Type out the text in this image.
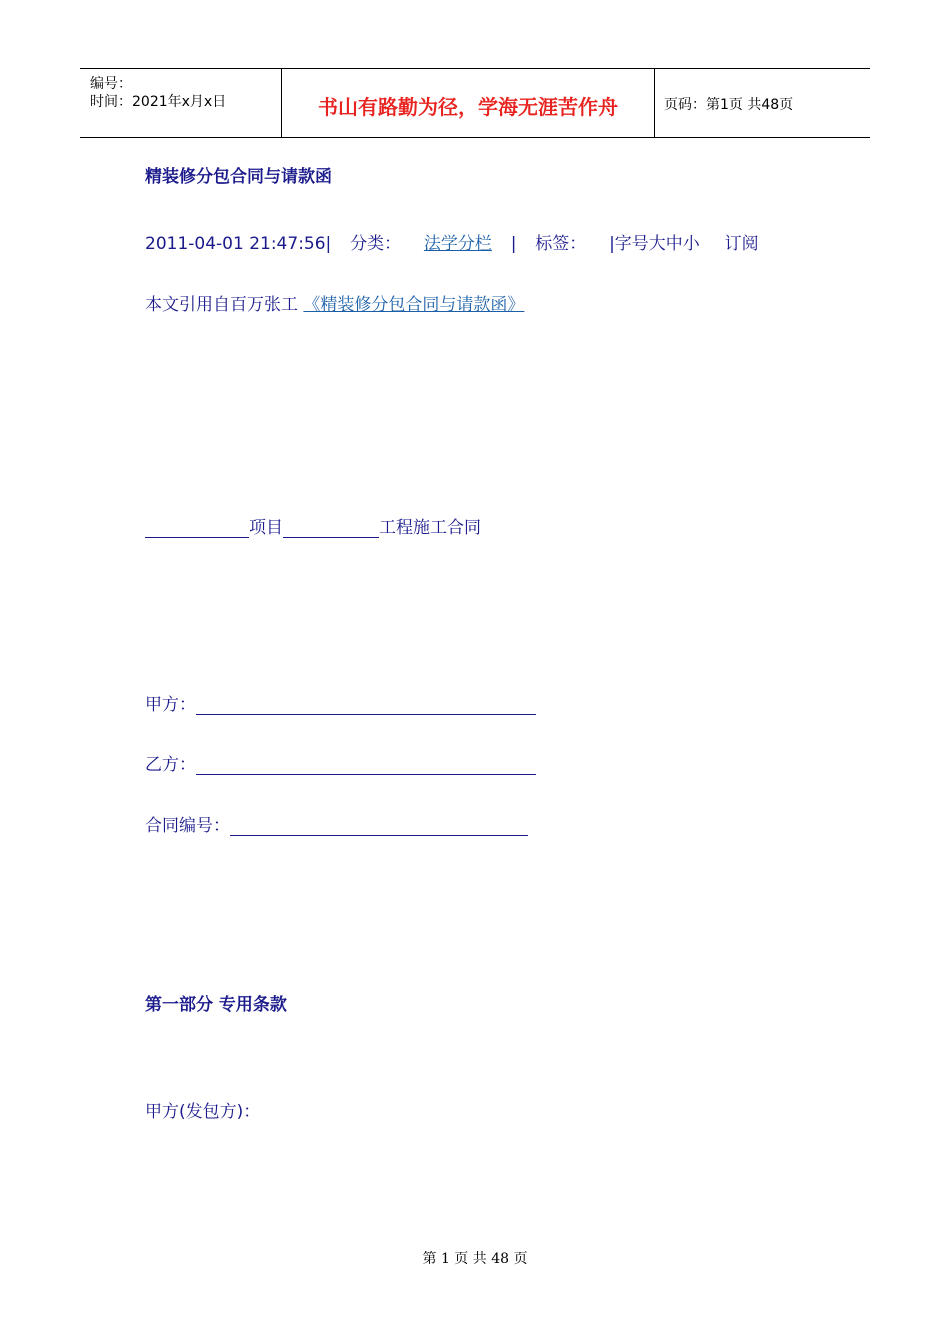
编号：
时间：2021年x月x日	书山有路勤为径，学海无涯苦作舟	页码：第1页 共48页
精装修分包合同与请款函
2011-04-01 21:47:56| 分类： 法学分栏 | 标签： |字号大中小 订阅
本文引用自百万张工 《精装修分包合同与请款函》
项目	工程施工合同
甲方：
乙方：
合同编号：
第一部分 专用条款
甲方(发包方)：
第 1 页 共 48 页
